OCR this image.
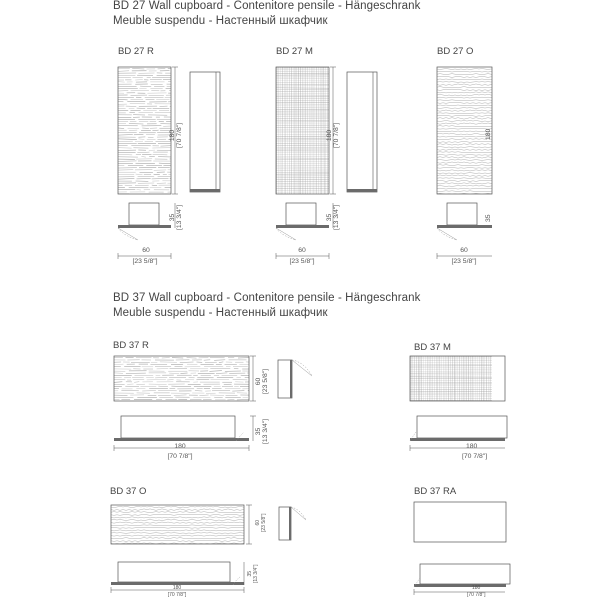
BD 27 Wall cupboard - Contenitore pensile - Hängeschrank
Meuble suspendu - Настенный шкафчик
BD 37 Wall cupboard - Contenitore pensile - Hängeschrank
Meuble suspendu - Настенный шкафчик
BD 27 R	BD 27 M	BD 27 O
BD 37 R	BD 37 M
BD 37 O	BD 37 RA
180
[70 7/8"]
35
[13 3/4"]
60
[23 5/8"]
180
[70 7/8"]
35
[13 3/4"]
60
[23 5/8"]
180
35
60
[23 5/8"]
60
[23 5/8"]
35
[13 3/4"]
180
[70 7/8"]
180
[70 7/8"]
60
[23 5/8"]
35
[13 3/4"]
180
[70 7/8"]
180
[70 7/8"]
